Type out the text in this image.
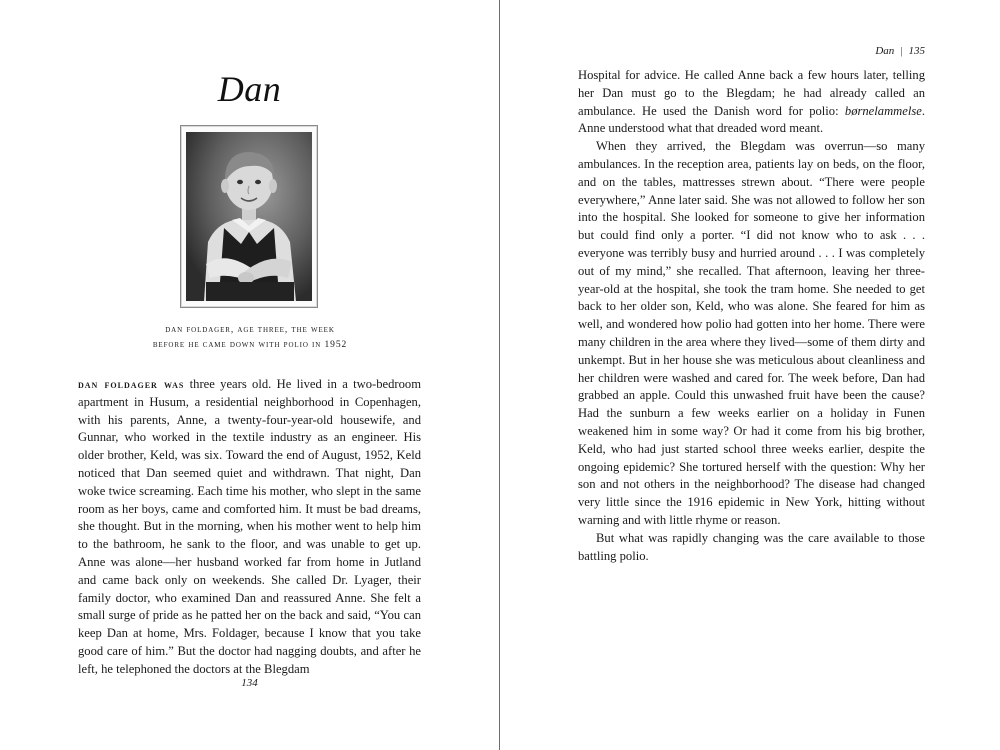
Dan
dan foldager, age three, the week
before he came down with polio in 1952

dan foldager was three years old. He lived in a two-bedroom apartment in Husum, a residential neighborhood in Copenhagen, with his parents, Anne, a twenty-four-year-old housewife, and Gunnar, who worked in the textile industry as an engineer. His older brother, Keld, was six. Toward the end of August, 1952, Keld noticed that Dan seemed quiet and withdrawn. That night, Dan woke twice screaming. Each time his mother, who slept in the same room as her boys, came and comforted him. It must be bad dreams, she thought. But in the morning, when his mother went to help him to the bathroom, he sank to the floor, and was unable to get up. Anne was alone—her husband worked far from home in Jutland and came back only on weekends. She called Dr. Lyager, their family doctor, who examined Dan and reassured Anne. She felt a small surge of pride as he patted her on the back and said, “You can keep Dan at home, Mrs. Foldager, because I know that you take good care of him.” But the doctor had nagging doubts, and after he left, he telephoned the doctors at the Blegdam

134
Dan | 135

Hospital for advice. He called Anne back a few hours later, telling her Dan must go to the Blegdam; he had already called an ambulance. He used the Danish word for polio: børnelammelse. Anne understood what that dreaded word meant.

When they arrived, the Blegdam was overrun—so many ambulances. In the reception area, patients lay on beds, on the floor, and on the tables, mattresses strewn about. “There were people everywhere,” Anne later said. She was not allowed to follow her son into the hospital. She looked for someone to give her information but could find only a porter. “I did not know who to ask . . . everyone was terribly busy and hurried around . . . I was completely out of my mind,” she recalled. That afternoon, leaving her three-year-old at the hospital, she took the tram home. She needed to get back to her older son, Keld, who was alone. She feared for him as well, and wondered how polio had gotten into her home. There were many children in the area where they lived—some of them dirty and unkempt. But in her house she was meticulous about cleanliness and her children were washed and cared for. The week before, Dan had grabbed an apple. Could this unwashed fruit have been the cause? Had the sunburn a few weeks earlier on a holiday in Funen weakened him in some way? Or had it come from his big brother, Keld, who had just started school three weeks earlier, despite the ongoing epidemic? She tortured herself with the question: Why her son and not others in the neighborhood? The disease had changed very little since the 1916 epidemic in New York, hitting without warning and with little rhyme or reason.

But what was rapidly changing was the care available to those battling polio.
